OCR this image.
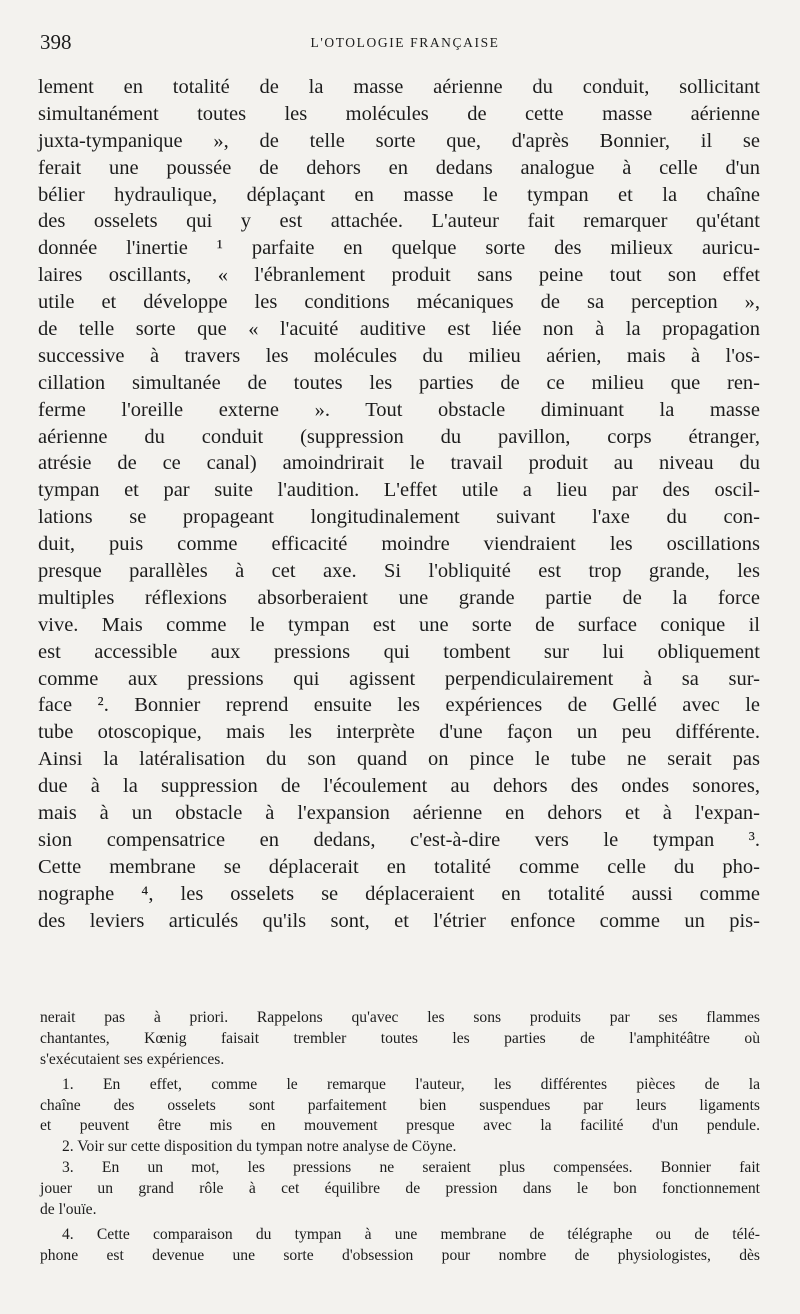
398	L'OTOLOGIE FRANÇAISE
lement en totalité de la masse aérienne du conduit, sollicitant
simultanément toutes les molécules de cette masse aérienne
juxta-tympanique », de telle sorte que, d'après Bonnier, il se
ferait une poussée de dehors en dedans analogue à celle d'un
bélier hydraulique, déplaçant en masse le tympan et la chaîne
des osselets qui y est attachée. L'auteur fait remarquer qu'étant
donnée l'inertie ¹ parfaite en quelque sorte des milieux auricu-
laires oscillants, « l'ébranlement produit sans peine tout son effet
utile et développe les conditions mécaniques de sa perception »,
de telle sorte que « l'acuité auditive est liée non à la propagation
successive à travers les molécules du milieu aérien, mais à l'os-
cillation simultanée de toutes les parties de ce milieu que ren-
ferme l'oreille externe ». Tout obstacle diminuant la masse
aérienne du conduit (suppression du pavillon, corps étranger,
atrésie de ce canal) amoindrirait le travail produit au niveau du
tympan et par suite l'audition. L'effet utile a lieu par des oscil-
lations se propageant longitudinalement suivant l'axe du con-
duit, puis comme efficacité moindre viendraient les oscillations
presque parallèles à cet axe. Si l'obliquité est trop grande, les
multiples réflexions absorberaient une grande partie de la force
vive. Mais comme le tympan est une sorte de surface conique il
est accessible aux pressions qui tombent sur lui obliquement
comme aux pressions qui agissent perpendiculairement à sa sur-
face ². Bonnier reprend ensuite les expériences de Gellé avec le
tube otoscopique, mais les interprète d'une façon un peu différente.
Ainsi la latéralisation du son quand on pince le tube ne serait pas
due à la suppression de l'écoulement au dehors des ondes sonores,
mais à un obstacle à l'expansion aérienne en dehors et à l'expan-
sion compensatrice en dedans, c'est-à-dire vers le tympan ³.
Cette membrane se déplacerait en totalité comme celle du pho-
nographe ⁴, les osselets se déplaceraient en totalité aussi comme
des leviers articulés qu'ils sont, et l'étrier enfonce comme un pis-
nerait pas à priori. Rappelons qu'avec les sons produits par ses flammes
chantantes, Kœnig faisait trembler toutes les parties de l'amphitéâtre où
s'exécutaient ses expériences.
1. En effet, comme le remarque l'auteur, les différentes pièces de la
chaîne des osselets sont parfaitement bien suspendues par leurs ligaments
et peuvent être mis en mouvement presque avec la facilité d'un pendule.
2. Voir sur cette disposition du tympan notre analyse de Cöyne.
3. En un mot, les pressions ne seraient plus compensées. Bonnier fait
jouer un grand rôle à cet équilibre de pression dans le bon fonctionnement
de l'ouïe.
4. Cette comparaison du tympan à une membrane de télégraphe ou de télé-
phone est devenue une sorte d'obsession pour nombre de physiologistes, dès
